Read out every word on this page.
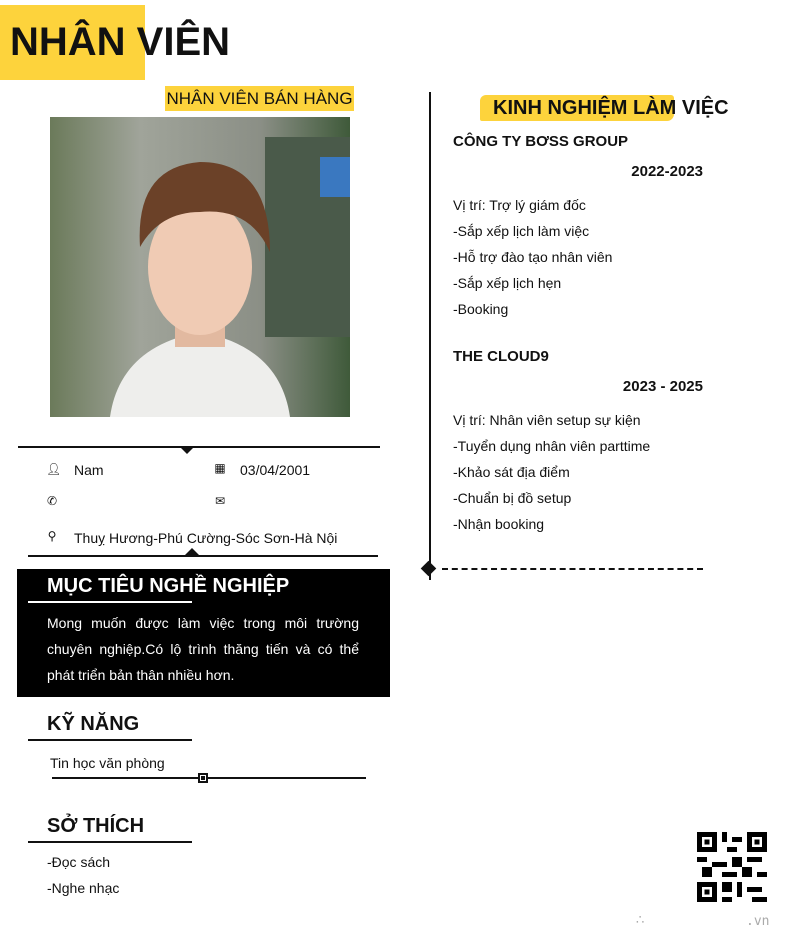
NHÂN VIÊN
NHÂN VIÊN BÁN HÀNG
👤︎ Nam	▦ 03/04/2001
✆	✉
⚲ Thuỵ Hương-Phú Cường-Sóc Sơn-Hà Nội
MỤC TIÊU NGHỀ NGHIỆP
Mong muốn được làm việc trong môi trường chuyên nghiệp.Có lộ trình thăng tiến và có thể phát triển bản thân nhiều hơn.
KỸ NĂNG
Tin học văn phòng
SỞ THÍCH
-Đọc sách
-Nghe nhạc
KINH NGHIỆM LÀM VIỆC
CÔNG TY BƠSS GROUP
2022-2023
Vị trí: Trợ lý giám đốc
-Sắp xếp lịch làm việc
-Hỗ trợ đào tạo nhân viên
-Sắp xếp lịch hẹn
-Booking
THE CLOUD9
2023 - 2025
Vị trí: Nhân viên setup sự kiện
-Tuyển dụng nhân viên parttime
-Khảo sát địa điểm
-Chuẩn bị đồ setup
-Nhận booking
∴	.vn
